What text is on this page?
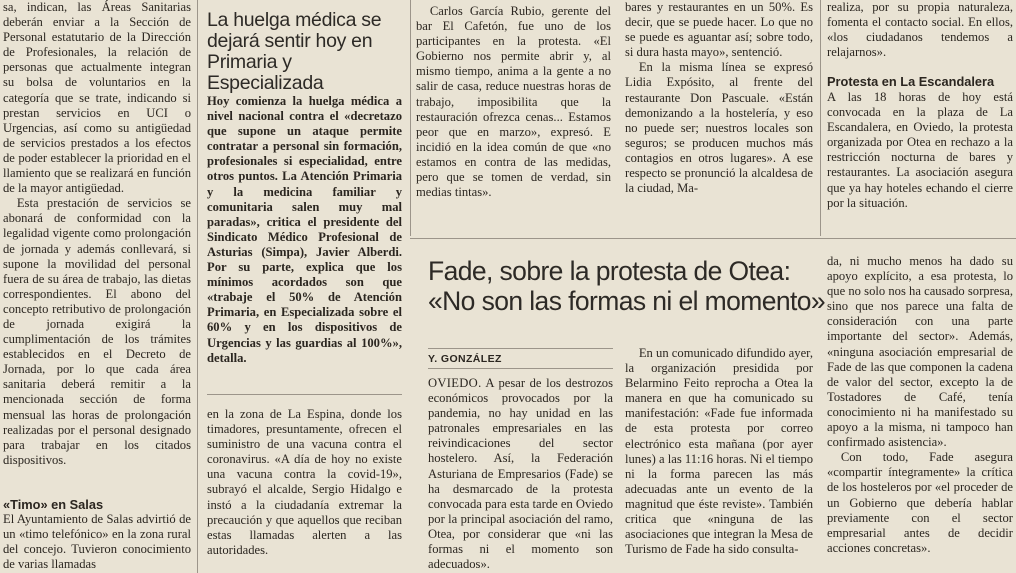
sa, indican, las Áreas Sanitarias deberán enviar a la Sección de Personal estatutario de la Dirección de Profesionales, la relación de personas que actualmente integran su bolsa de voluntarios en la categoría que se trate, indicando si prestan servicios en UCI o Urgencias, así como su antigüedad de servicios prestados a los efectos de poder establecer la prioridad en el llamiento que se realizará en función de la mayor antigüedad.

Esta prestación de servicios se abonará de conformidad con la legalidad vigente como prolongación de jornada y además conllevará, si supone la movilidad del personal fuera de su área de trabajo, las dietas correspondientes. El abono del concepto retributivo de prolongación de jornada exigirá la cumplimentación de los trámites establecidos en el Decreto de Jornada, por lo que cada área sanitaria deberá remitir a la mencionada sección de forma mensual las horas de prolongación realizadas por el personal designado para trabajar en los citados dispositivos.

«Timo» en Salas

El Ayuntamiento de Salas advirtió de un «timo telefónico» en la zona rural del concejo. Tuvieron conocimiento de varias llamadas

La huelga médica se dejará sentir hoy en Primaria y Especializada

Hoy comienza la huelga médica a nivel nacional contra el «decretazo que supone un ataque permite contratar a personal sin formación, profesionales si especialidad, entre otros puntos. La Atención Primaria y la medicina familiar y comunitaria salen muy mal paradas», critica el presidente del Sindicato Médico Profesional de Asturias (Simpa), Javier Alberdi. Por su parte, explica que los mínimos acordados son que «trabaje el 50% de Atención Primaria, en Especializada sobre el 60% y en los dispositivos de Urgencias y las guardias al 100%», detalla.

en la zona de La Espina, donde los timadores, presuntamente, ofrecen el suministro de una vacuna contra el coronavirus. «A día de hoy no existe una vacuna contra la covid-19», subrayó el alcalde, Sergio Hidalgo e instó a la ciudadanía extremar la precaución y que aquellos que reciban estas llamadas alerten a las autoridades.

Carlos García Rubio, gerente del bar El Cafetón, fue uno de los participantes en la protesta. «El Gobierno nos permite abrir y, al mismo tiempo, anima a la gente a no salir de casa, reduce nuestras horas de trabajo, imposibilita que la restauración ofrezca cenas... Estamos peor que en marzo», expresó. E incidió en la idea común de que «no estamos en contra de las medidas, pero que se tomen de verdad, sin medias tintas».

bares y restaurantes en un 50%. Es decir, que se puede hacer. Lo que no se puede es aguantar así; sobre todo, si dura hasta mayo», sentenció.

En la misma línea se expresó Lidia Expósito, al frente del restaurante Don Pascuale. «Están demonizando a la hostelería, y eso no puede ser; nuestros locales son seguros; se producen muchos más contagios en otros lugares». A ese respecto se pronunció la alcaldesa de la ciudad, Ma-

realiza, por su propia naturaleza, fomenta el contacto social. En ellos, «los ciudadanos tendemos a relajarnos».

Protesta en La Escandalera

A las 18 horas de hoy está convocada en la plaza de La Escandalera, en Oviedo, la protesta organizada por Otea en rechazo a la restricción nocturna de bares y restaurantes. La asociación asegura que ya hay hoteles echando el cierre por la situación.

Fade, sobre la protesta de Otea:
«No son las formas ni el momento»
Y. GONZÁLEZ

OVIEDO. A pesar de los destrozos económicos provocados por la pandemia, no hay unidad en las patronales empresariales en las reivindicaciones del sector hostelero. Así, la Federación Asturiana de Empresarios (Fade) se ha desmarcado de la protesta convocada para esta tarde en Oviedo por la principal asociación del ramo, Otea, por considerar que «ni las formas ni el momento son adecuados».

En un comunicado difundido ayer, la organización presidida por Belarmino Feito reprocha a Otea la manera en que ha comunicado su manifestación: «Fade fue informada de esta protesta por correo electrónico esta mañana (por ayer lunes) a las 11:16 horas. Ni el tiempo ni la forma parecen las más adecuadas ante un evento de la magnitud que éste reviste». También critica que «ninguna de las asociaciones que integran la Mesa de Turismo de Fade ha sido consulta-

da, ni mucho menos ha dado su apoyo explícito, a esa protesta, lo que no solo nos ha causado sorpresa, sino que nos parece una falta de consideración con una parte importante del sector». Además, «ninguna asociación empresarial de Fade de las que componen la cadena de valor del sector, excepto la de Tostadores de Café, tenía conocimiento ni ha manifestado su apoyo a la misma, ni tampoco han confirmado asistencia».

Con todo, Fade asegura «compartir íntegramente» la crítica de los hosteleros por «el proceder de un Gobierno que debería hablar previamente con el sector empresarial antes de decidir acciones concretas».
